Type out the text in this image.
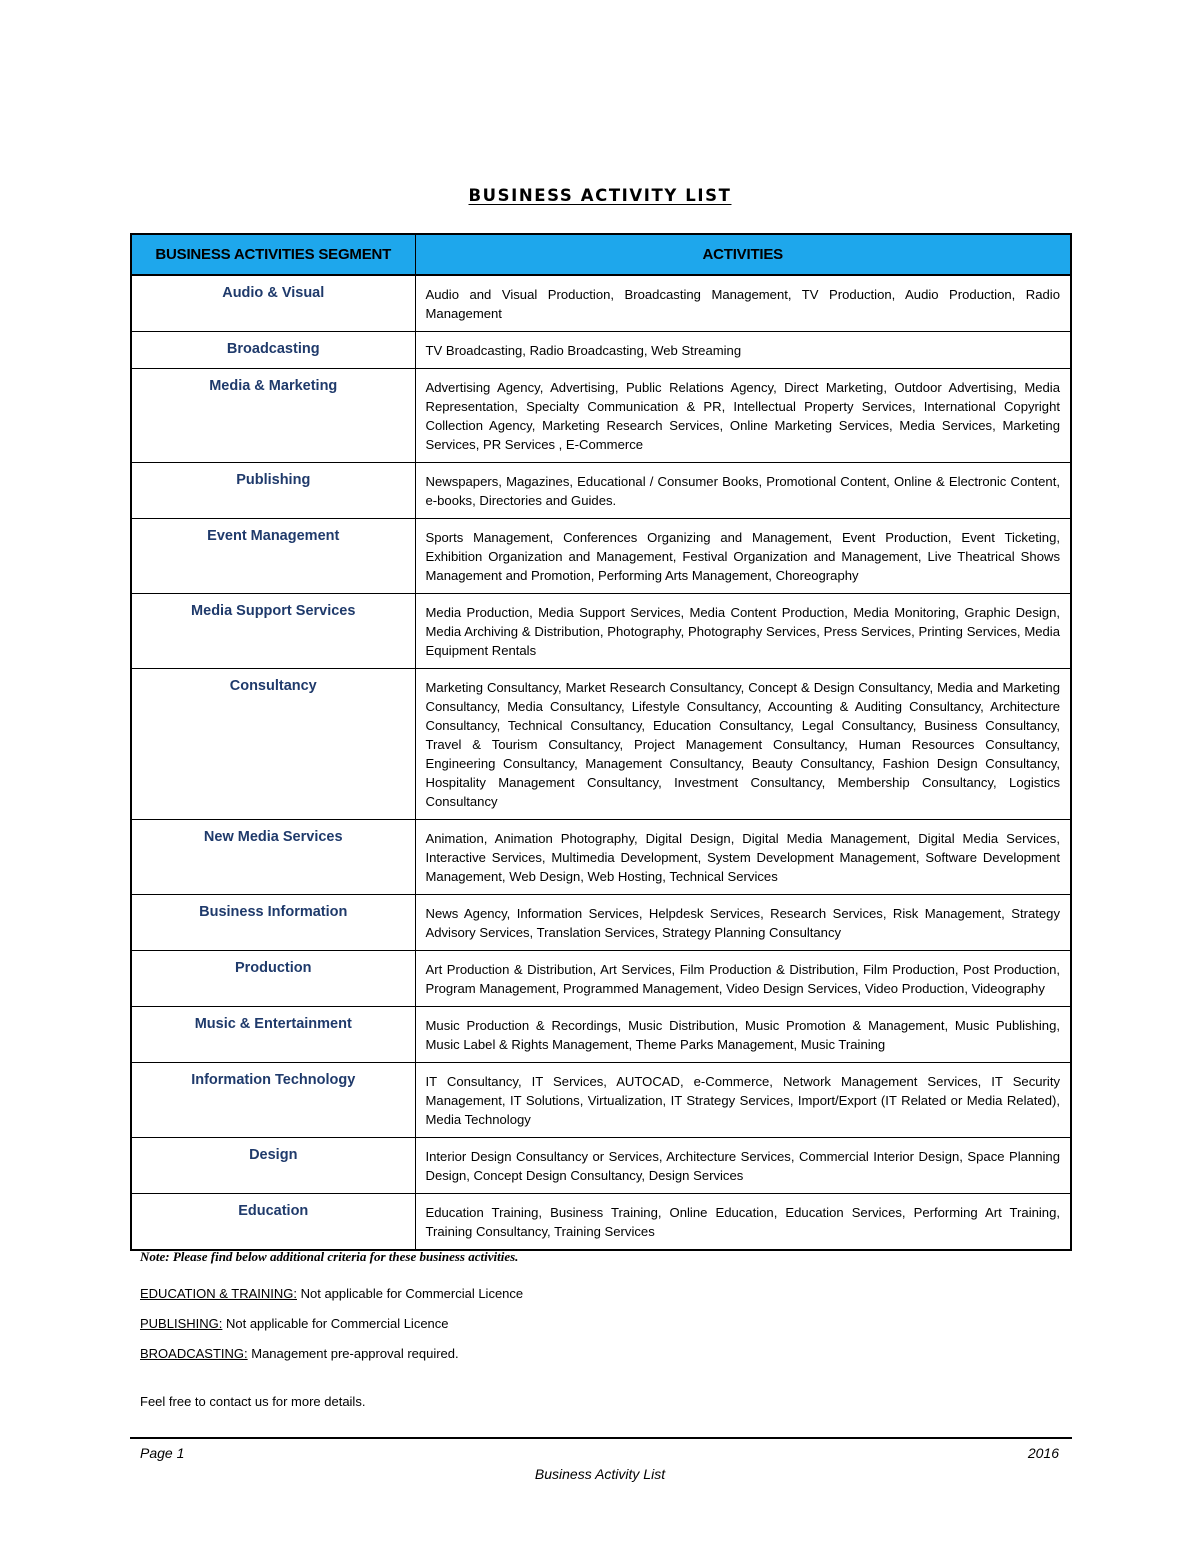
BUSINESS ACTIVITY LIST
BUSINESS ACTIVITIES SEGMENT	ACTIVITIES
Audio & Visual	Audio and Visual Production, Broadcasting Management, TV Production, Audio Production, Radio Management
Broadcasting	TV Broadcasting, Radio Broadcasting, Web Streaming
Media & Marketing	Advertising Agency, Advertising, Public Relations Agency, Direct Marketing, Outdoor Advertising, Media Representation, Specialty Communication & PR, Intellectual Property Services, International Copyright Collection Agency, Marketing Research Services, Online Marketing Services, Media Services, Marketing Services, PR Services , E-Commerce
Publishing	Newspapers, Magazines, Educational / Consumer Books, Promotional Content, Online & Electronic Content, e-books, Directories and Guides.
Event Management	Sports Management, Conferences Organizing and Management, Event Production, Event Ticketing, Exhibition Organization and Management, Festival Organization and Management, Live Theatrical Shows Management and Promotion, Performing Arts Management, Choreography
Media Support Services	Media Production, Media Support Services, Media Content Production, Media Monitoring, Graphic Design, Media Archiving & Distribution, Photography, Photography Services, Press Services, Printing Services, Media Equipment Rentals
Consultancy	Marketing Consultancy, Market Research Consultancy, Concept & Design Consultancy, Media and Marketing Consultancy, Media Consultancy, Lifestyle Consultancy, Accounting & Auditing Consultancy, Architecture Consultancy, Technical Consultancy, Education Consultancy, Legal Consultancy, Business Consultancy, Travel & Tourism Consultancy, Project Management Consultancy, Human Resources Consultancy, Engineering Consultancy, Management Consultancy, Beauty Consultancy, Fashion Design Consultancy, Hospitality Management Consultancy, Investment Consultancy, Membership Consultancy, Logistics Consultancy
New Media Services	Animation, Animation Photography, Digital Design, Digital Media Management, Digital Media Services, Interactive Services, Multimedia Development, System Development Management, Software Development Management, Web Design, Web Hosting, Technical Services
Business Information	News Agency, Information Services, Helpdesk Services, Research Services, Risk Management, Strategy Advisory Services, Translation Services, Strategy Planning Consultancy
Production	Art Production & Distribution, Art Services, Film Production & Distribution, Film Production, Post Production, Program Management, Programmed Management, Video Design Services, Video Production, Videography
Music & Entertainment	Music Production & Recordings, Music Distribution, Music Promotion & Management, Music Publishing, Music Label & Rights Management, Theme Parks Management, Music Training
Information Technology	IT Consultancy, IT Services, AUTOCAD, e-Commerce, Network Management Services, IT Security Management, IT Solutions, Virtualization, IT Strategy Services, Import/Export (IT Related or Media Related), Media Technology
Design	Interior Design Consultancy or Services, Architecture Services, Commercial Interior Design, Space Planning Design, Concept Design Consultancy, Design Services
Education	Education Training, Business Training, Online Education, Education Services, Performing Art Training, Training Consultancy, Training Services
Note: Please find below additional criteria for these business activities.
EDUCATION & TRAINING: Not applicable for Commercial Licence
PUBLISHING: Not applicable for Commercial Licence
BROADCASTING: Management pre-approval required.
Feel free to contact us for more details.
Page 1	2016
Business Activity List
